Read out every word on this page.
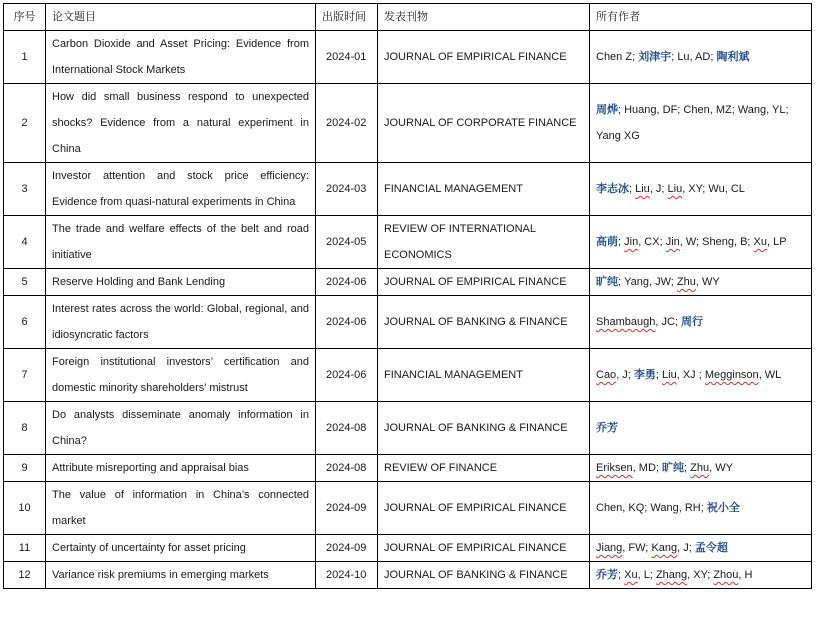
序号	论文题目	出版时间	发表刊物	所有作者
1	Carbon Dioxide and Asset Pricing: Evidence from International Stock Markets	2024-01	JOURNAL OF EMPIRICAL FINANCE	Chen Z; 刘津宇; Lu, AD; 陶利斌
2	How did small business respond to unexpected shocks? Evidence from a natural experiment in China	2024-02	JOURNAL OF CORPORATE FINANCE	周烨; Huang, DF; Chen, MZ; Wang, YL; Yang XG
3	Investor attention and stock price efficiency: Evidence from quasi-natural experiments in China	2024-03	FINANCIAL MANAGEMENT	李志冰; Liu, J; Liu, XY; Wu, CL
4	The trade and welfare effects of the belt and road initiative	2024-05	REVIEW OF INTERNATIONAL ECONOMICS	高萌; Jin, CX; Jin, W; Sheng, B; Xu, LP
5	Reserve Holding and Bank Lending	2024-06	JOURNAL OF EMPIRICAL FINANCE	旷纯; Yang, JW; Zhu, WY
6	Interest rates across the world: Global, regional, and idiosyncratic factors	2024-06	JOURNAL OF BANKING & FINANCE	Shambaugh, JC; 周行
7	Foreign institutional investors’ certification and domestic minority shareholders’ mistrust	2024-06	FINANCIAL MANAGEMENT	Cao, J; 李勇; Liu, XJ ; Megginson, WL
8	Do analysts disseminate anomaly information in China?	2024-08	JOURNAL OF BANKING & FINANCE	乔芳
9	Attribute misreporting and appraisal bias	2024-08	REVIEW OF FINANCE	Eriksen, MD; 旷纯; Zhu, WY
10	The value of information in China’s connected market	2024-09	JOURNAL OF EMPIRICAL FINANCE	Chen, KQ; Wang, RH; 祝小全
11	Certainty of uncertainty for asset pricing	2024-09	JOURNAL OF EMPIRICAL FINANCE	Jiang, FW; Kang, J; 孟令超
12	Variance risk premiums in emerging markets	2024-10	JOURNAL OF BANKING & FINANCE	乔芳; Xu, L; Zhang, XY; Zhou, H
